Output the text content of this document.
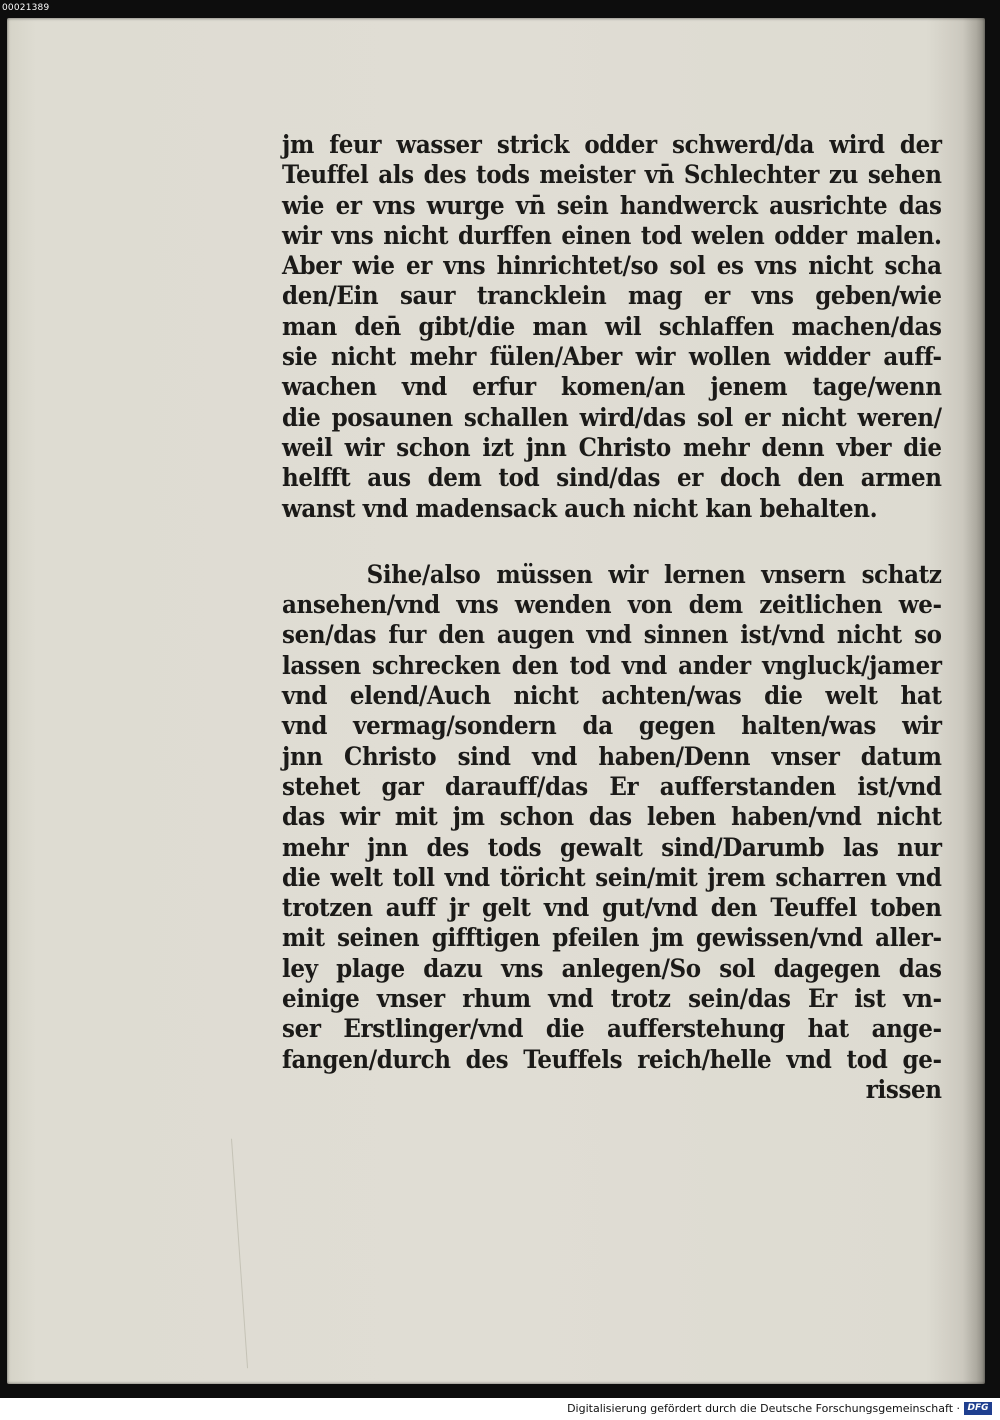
00021389
jm feur wasser strick odder schwerd/da wird der
Teuffel als des tods meister vn̄ Schlechter zu sehen
wie er vns wurge vn̄ sein handwerck ausrichte das
wir vns nicht durffen einen tod welen odder malen.
Aber wie er vns hinrichtet/so sol es vns nicht scha
den/Ein saur trancklein mag er vns geben/wie
man den̄ gibt/die man wil schlaffen machen/das
sie nicht mehr fülen/Aber wir wollen widder auff-
wachen vnd erfur komen/an jenem tage/wenn
die posaunen schallen wird/das sol er nicht weren/
weil wir schon izt jnn Christo mehr denn vber die
helfft aus dem tod sind/das er doch den armen
wanst vnd madensack auch nicht kan behalten.
Sihe/also müssen wir lernen vnsern schatz
ansehen/vnd vns wenden von dem zeitlichen we-
sen/das fur den augen vnd sinnen ist/vnd nicht so
lassen schrecken den tod vnd ander vngluck/jamer
vnd elend/Auch nicht achten/was die welt hat
vnd vermag/sondern da gegen halten/was wir
jnn Christo sind vnd haben/Denn vnser datum
stehet gar darauff/das Er aufferstanden ist/vnd
das wir mit jm schon das leben haben/vnd nicht
mehr jnn des tods gewalt sind/Darumb las nur
die welt toll vnd töricht sein/mit jrem scharren vnd
trotzen auff jr gelt vnd gut/vnd den Teuffel toben
mit seinen gifftigen pfeilen jm gewissen/vnd aller-
ley plage dazu vns anlegen/So sol dagegen das
einige vnser rhum vnd trotz sein/das Er ist vn-
ser Erstlinger/vnd die aufferstehung hat ange-
fangen/durch des Teuffels reich/helle vnd tod ge-
rissen
Digitalisierung gefördert durch die Deutsche Forschungsgemeinschaft · DFG
